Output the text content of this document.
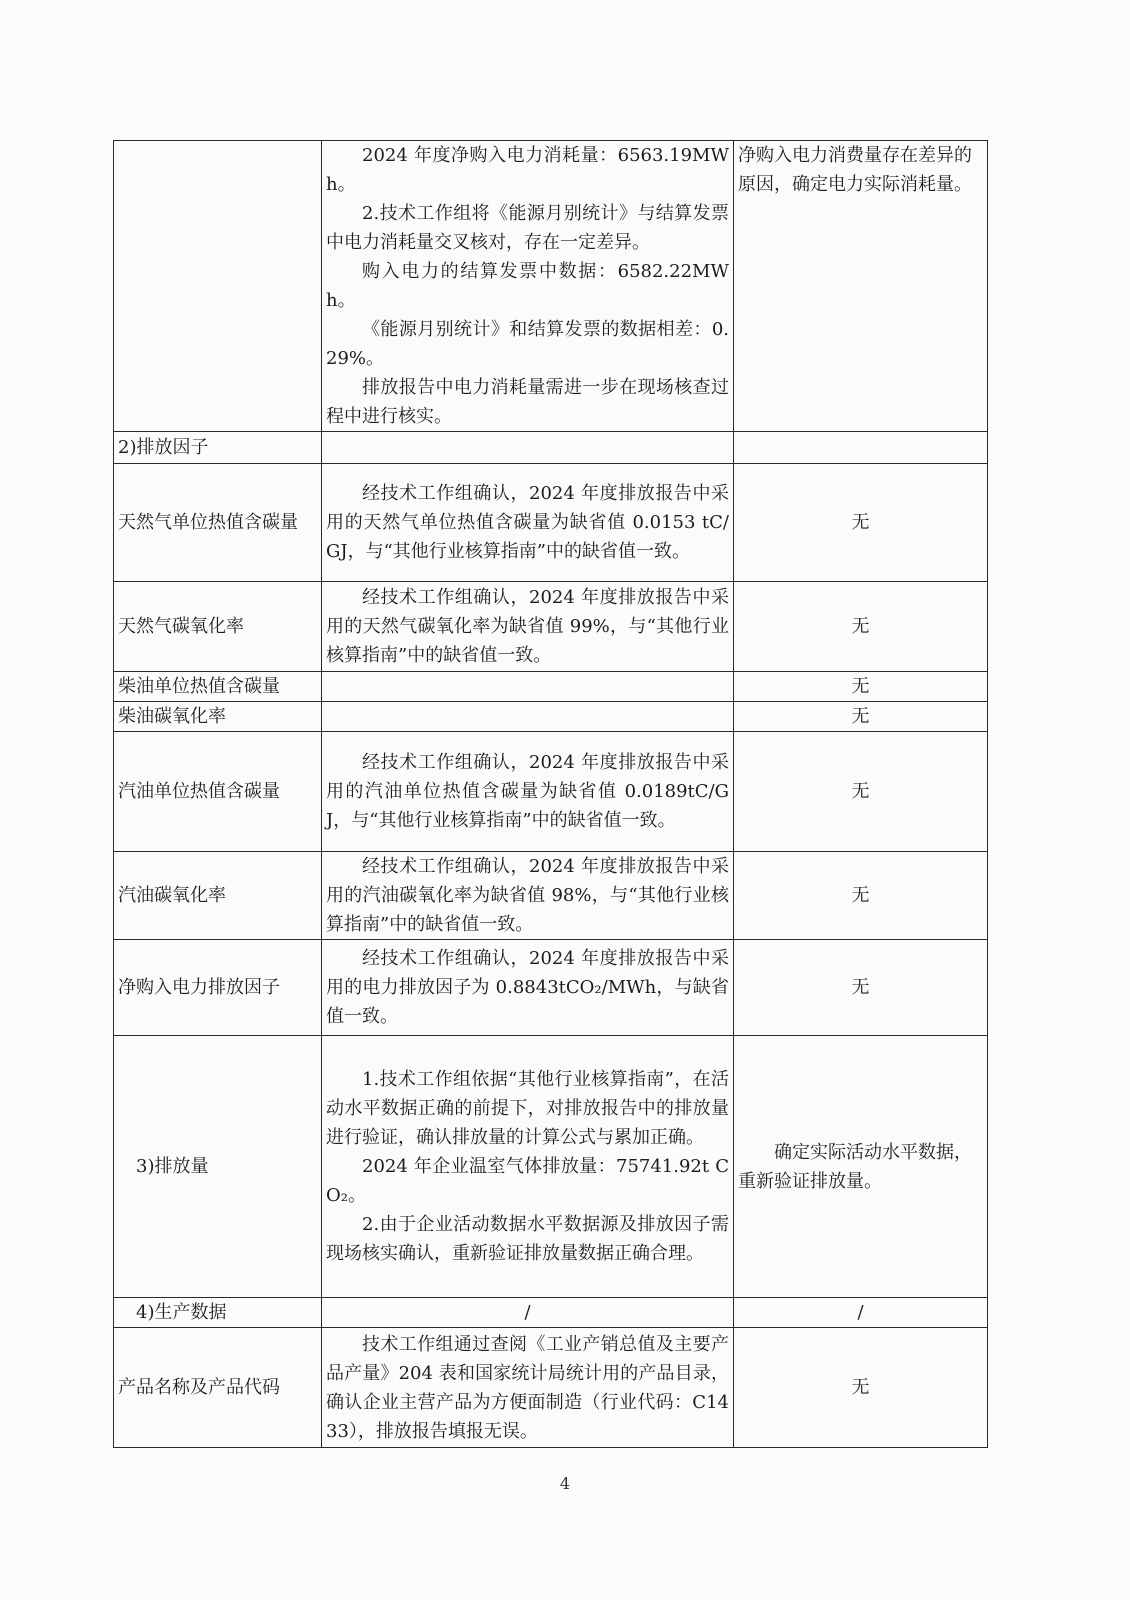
	2024 年度净购入电力消耗量：6563.19MWh。

2.技术工作组将《能源月别统计》与结算发票中电力消耗量交叉核对，存在一定差异。

购入电力的结算发票中数据：6582.22MWh。

《能源月别统计》和结算发票的数据相差：0.29%。

排放报告中电力消耗量需进一步在现场核查过程中进行核实。	净购入电力消费量存在差异的原因，确定电力实际消耗量。
2)排放因子		
天然气单位热值含碳量	经技术工作组确认，2024 年度排放报告中采用的天然气单位热值含碳量为缺省值 0.0153 tC/GJ，与“其他行业核算指南”中的缺省值一致。	无
天然气碳氧化率	经技术工作组确认，2024 年度排放报告中采用的天然气碳氧化率为缺省值 99%，与“其他行业核算指南”中的缺省值一致。	无
柴油单位热值含碳量		无
柴油碳氧化率		无
汽油单位热值含碳量	经技术工作组确认，2024 年度排放报告中采用的汽油单位热值含碳量为缺省值 0.0189tC/GJ，与“其他行业核算指南”中的缺省值一致。	无
汽油碳氧化率	经技术工作组确认，2024 年度排放报告中采用的汽油碳氧化率为缺省值 98%，与“其他行业核算指南”中的缺省值一致。	无
净购入电力排放因子	经技术工作组确认，2024 年度排放报告中采用的电力排放因子为 0.8843tCO₂/MWh，与缺省值一致。	无
3)排放量	1.技术工作组依据“其他行业核算指南”，在活动水平数据正确的前提下，对排放报告中的排放量进行验证，确认排放量的计算公式与累加正确。

2024 年企业温室气体排放量：75741.92t CO₂。

2.由于企业活动数据水平数据源及排放因子需现场核实确认，重新验证排放量数据正确合理。	确定实际活动水平数据，重新验证排放量。

4)生产数据	/	/
产品名称及产品代码	技术工作组通过查阅《工业产销总值及主要产品产量》204 表和国家统计局统计用的产品目录，确认企业主营产品为方便面制造（行业代码：C1433），排放报告填报无误。	无
4
